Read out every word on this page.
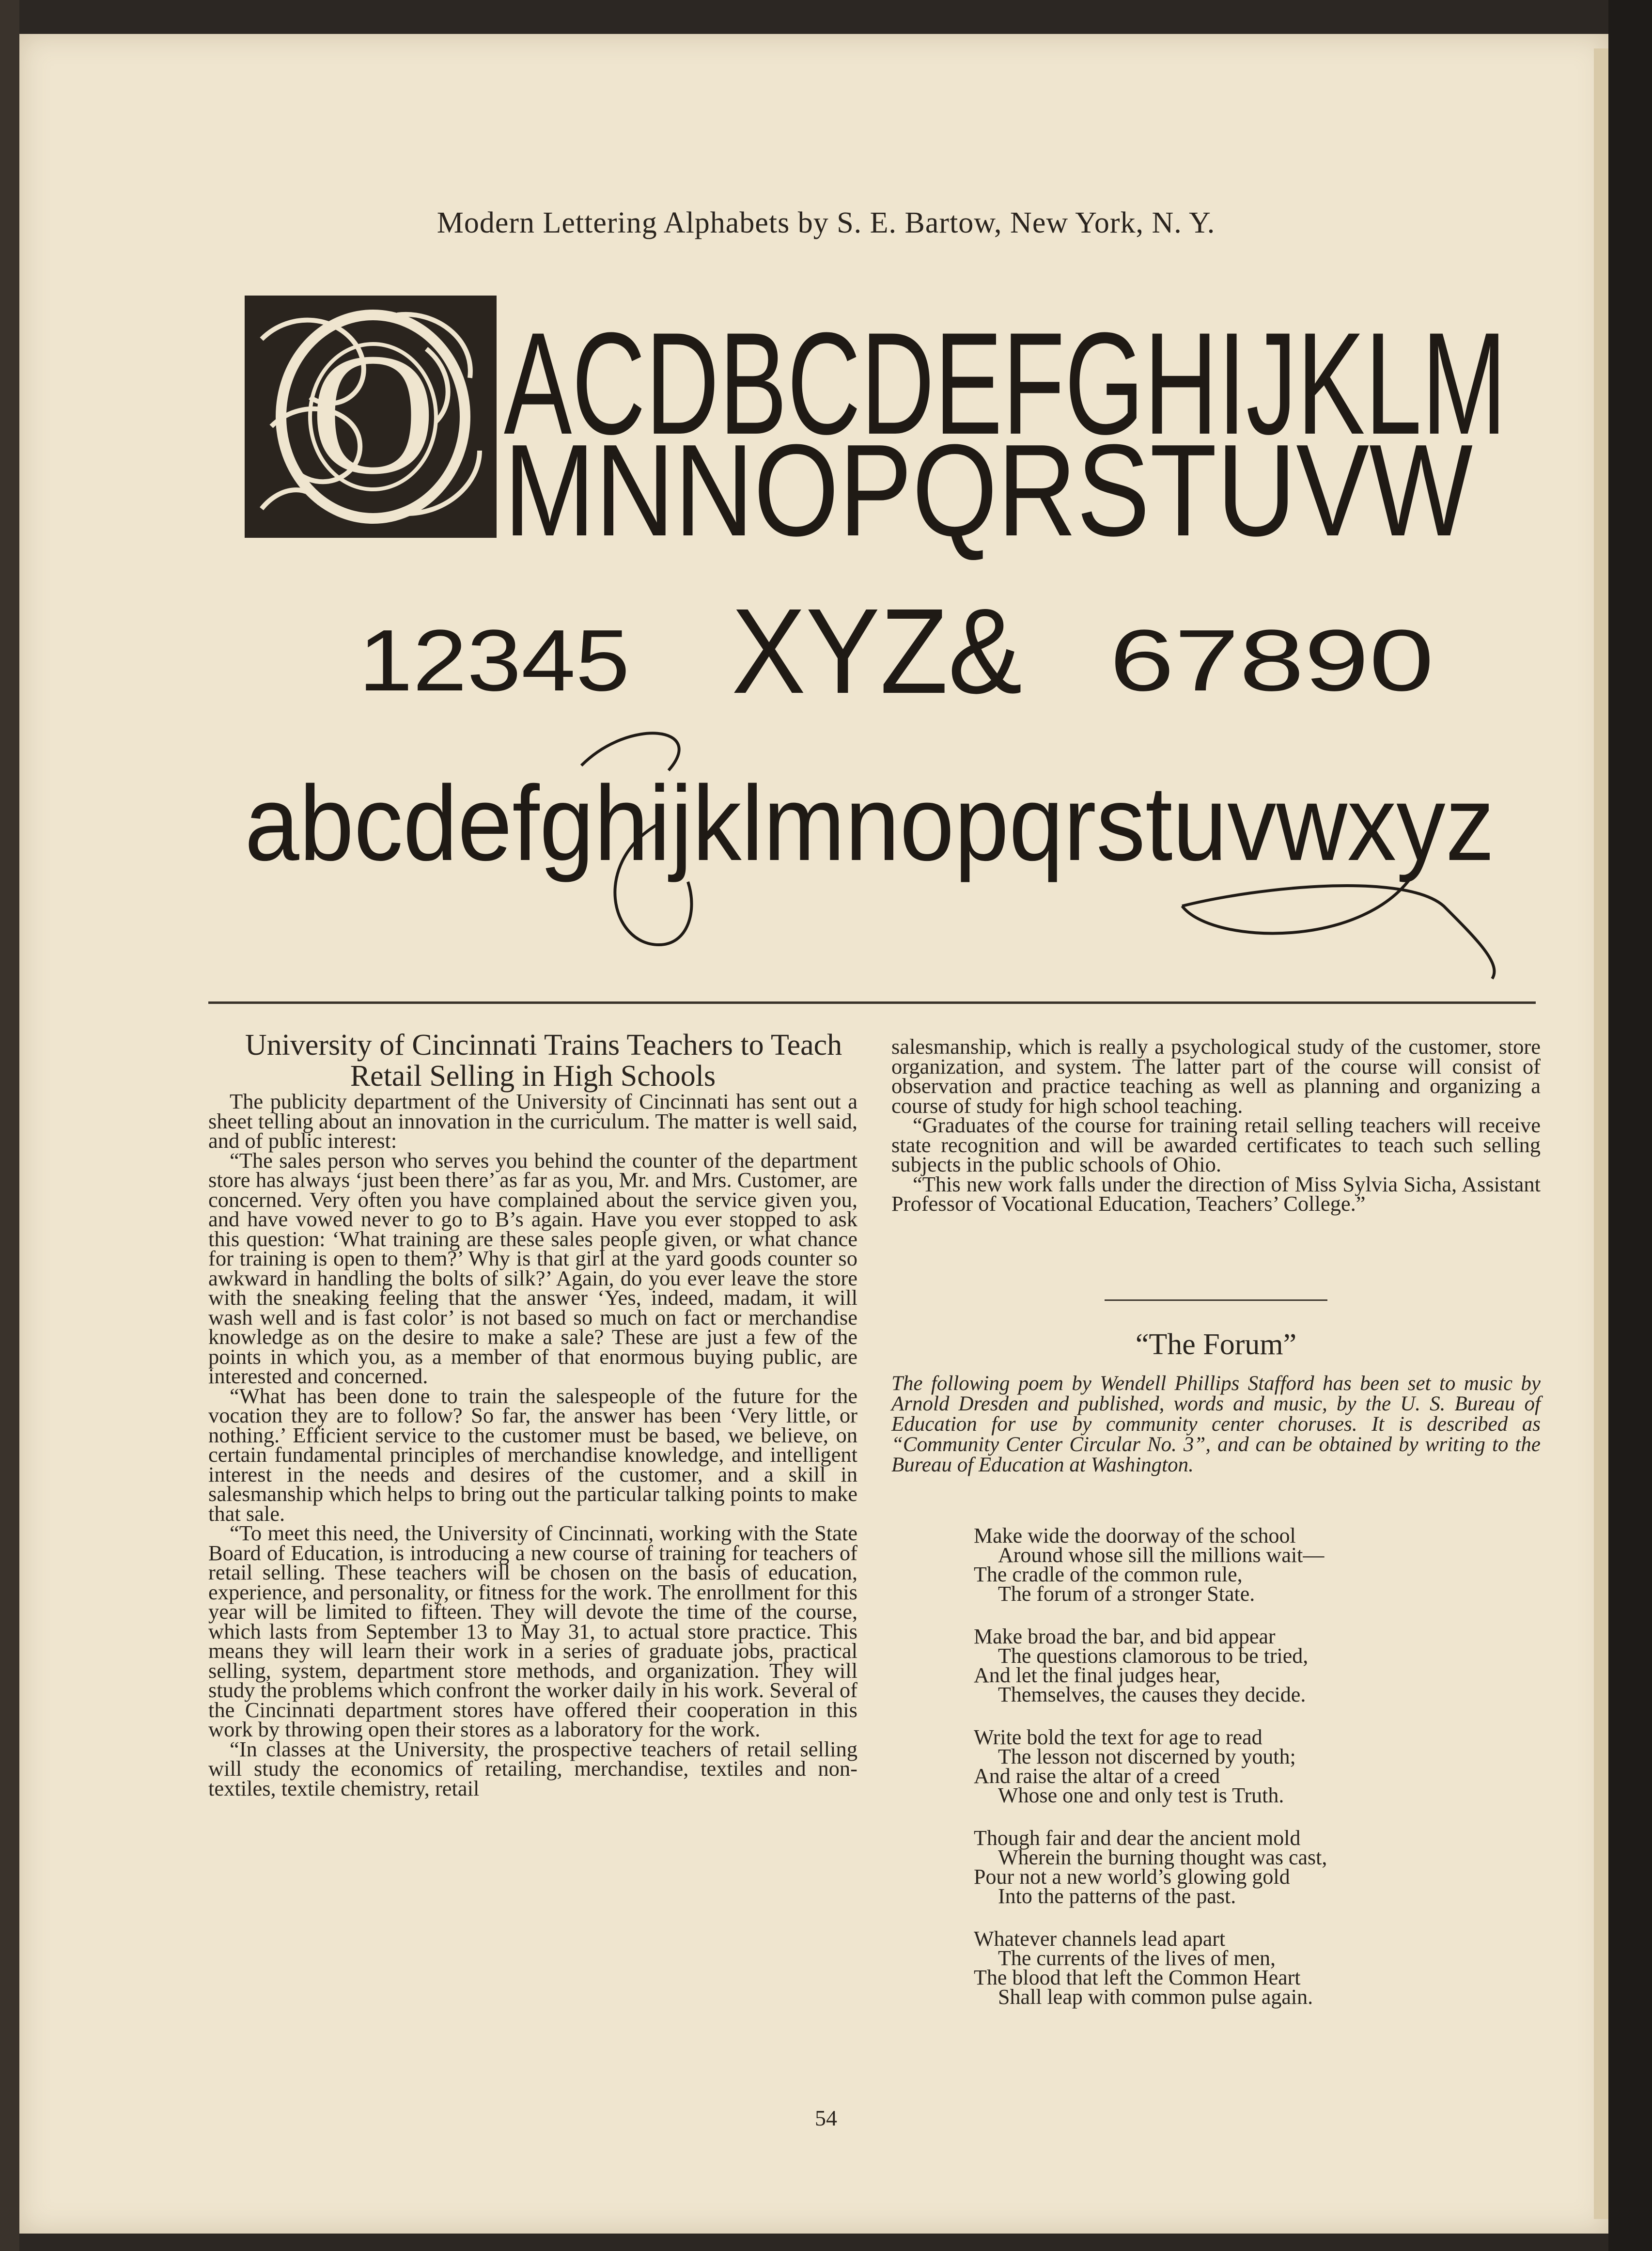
Modern Lettering Alphabets by S. E. Bartow, New York, N. Y.
O ACDBCDEFGHIJKLM
MNNOPQRSTUVW
12345 XYZ& 67890
abcdefghijklmnopqrstuvwxyz

University of Cincinnati Trains Teachers to Teach Retail Selling in High Schools

The publicity department of the University of Cincinnati has sent out a sheet telling about an innovation in the curriculum. The matter is well said, and of public interest:

“The sales person who serves you behind the counter of the department store has always ‘just been there’ as far as you, Mr. and Mrs. Customer, are concerned. Very often you have complained about the service given you, and have vowed never to go to B’s again. Have you ever stopped to ask this question: ‘What training are these sales people given, or what chance for training is open to them?’ Why is that girl at the yard goods counter so awkward in handling the bolts of silk?’ Again, do you ever leave the store with the sneaking feeling that the answer ‘Yes, indeed, madam, it will wash well and is fast color’ is not based so much on fact or merchandise knowledge as on the desire to make a sale? These are just a few of the points in which you, as a member of that enormous buying public, are interested and concerned.

“What has been done to train the salespeople of the future for the vocation they are to follow? So far, the answer has been ‘Very little, or nothing.’ Efficient service to the customer must be based, we believe, on certain fundamental principles of merchandise knowledge, and intelligent interest in the needs and desires of the customer, and a skill in salesmanship which helps to bring out the particular talking points to make that sale.

“To meet this need, the University of Cincinnati, working with the State Board of Education, is introducing a new course of training for teachers of retail selling. These teachers will be chosen on the basis of education, experience, and personality, or fitness for the work. The enrollment for this year will be limited to fifteen. They will devote the time of the course, which lasts from September 13 to May 31, to actual store practice. This means they will learn their work in a series of graduate jobs, practical selling, system, department store methods, and organization. They will study the problems which confront the worker daily in his work. Several of the Cincinnati department stores have offered their cooperation in this work by throwing open their stores as a laboratory for the work.

“In classes at the University, the prospective teachers of retail selling will study the economics of retailing, merchandise, textiles and non-textiles, textile chemistry, retail

salesmanship, which is really a psychological study of the customer, store organization, and system. The latter part of the course will consist of observation and practice teaching as well as planning and organizing a course of study for high school teaching.

“Graduates of the course for training retail selling teachers will receive state recognition and will be awarded certificates to teach such selling subjects in the public schools of Ohio.

“This new work falls under the direction of Miss Sylvia Sicha, Assistant Professor of Vocational Education, Teachers’ College.”

“The Forum”
The following poem by Wendell Phillips Stafford has been set to music by Arnold Dresden and published, words and music, by the U. S. Bureau of Education for use by community center choruses. It is described as “Community Center Circular No. 3”, and can be obtained by writing to the Bureau of Education at Washington.
Make wide the doorway of the school
Around whose sill the millions wait—
The cradle of the common rule,
The forum of a stronger State.
Make broad the bar, and bid appear
The questions clamorous to be tried,
And let the final judges hear,
Themselves, the causes they decide.
Write bold the text for age to read
The lesson not discerned by youth;
And raise the altar of a creed
Whose one and only test is Truth.
Though fair and dear the ancient mold
Wherein the burning thought was cast,
Pour not a new world’s glowing gold
Into the patterns of the past.
Whatever channels lead apart
The currents of the lives of men,
The blood that left the Common Heart
Shall leap with common pulse again.
54
